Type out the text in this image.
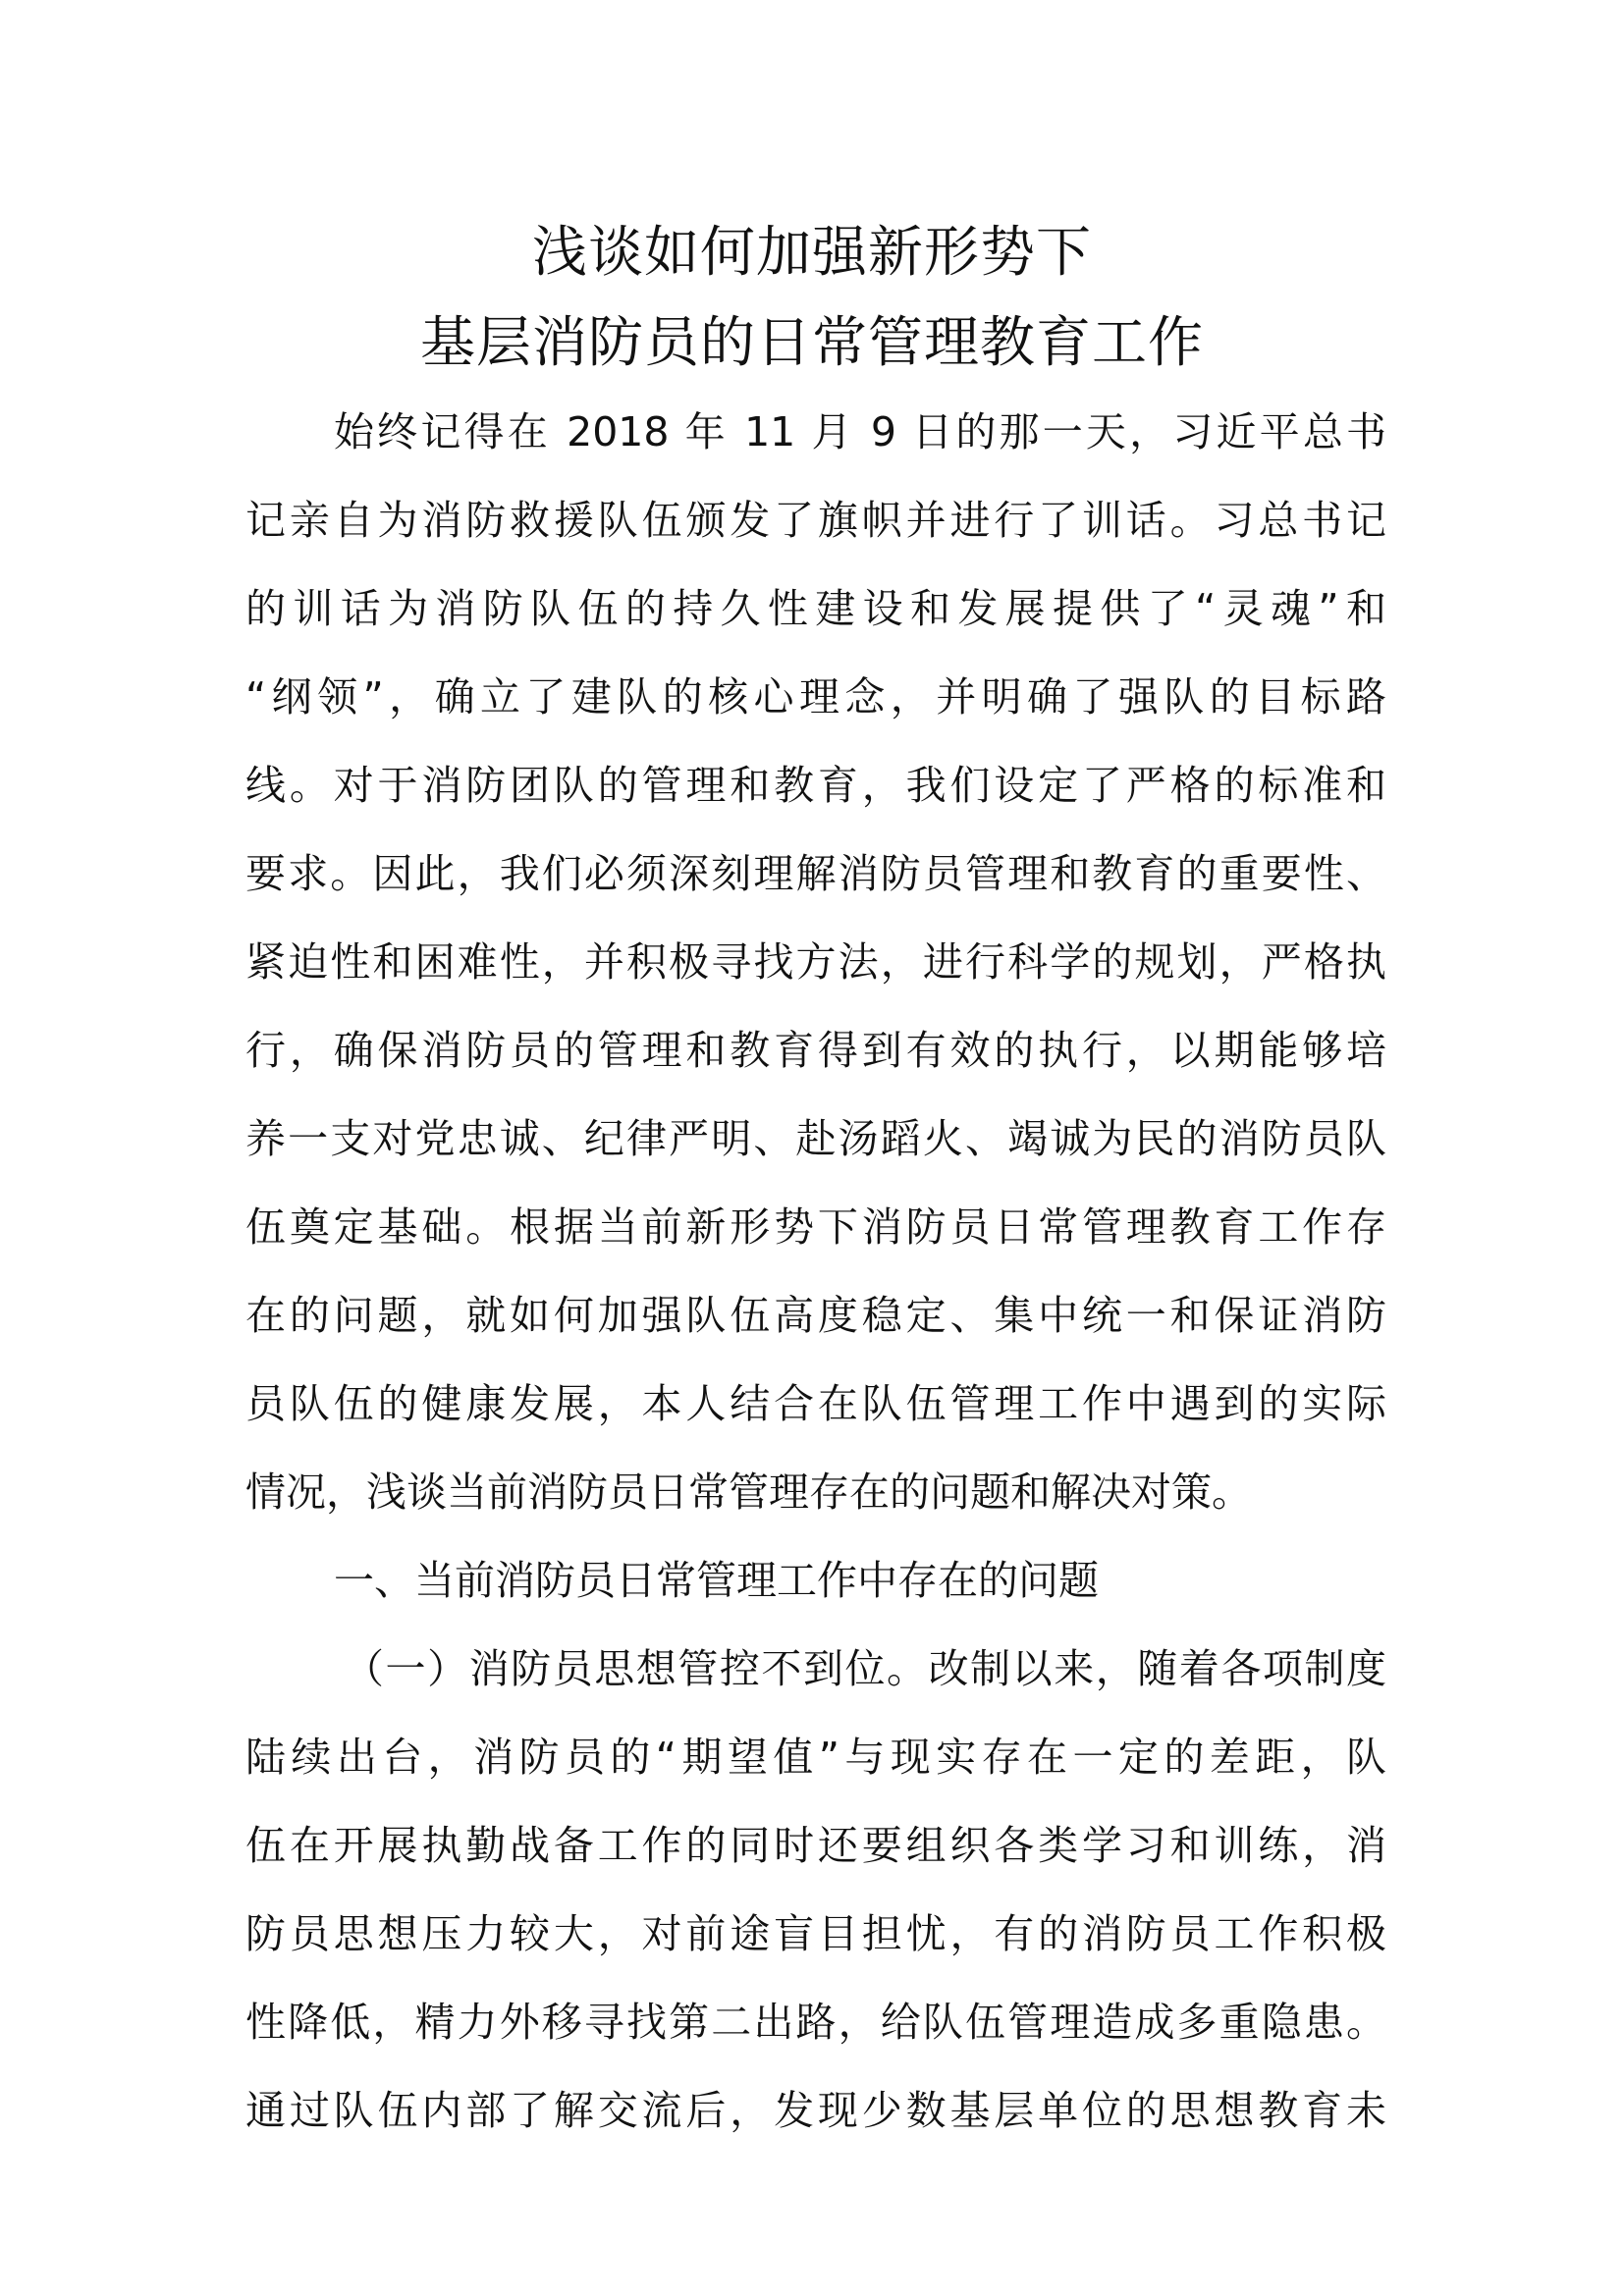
浅谈如何加强新形势下
基层消防员的日常管理教育工作
始终记得在 2018 年 11 月 9 日的那一天，习近平总书
记亲自为消防救援队伍颁发了旗帜并进行了训话。习总书记
的训话为消防队伍的持久性建设和发展提供了“灵魂”和
“纲领”，确立了建队的核心理念，并明确了强队的目标路
线。对于消防团队的管理和教育，我们设定了严格的标准和
要求。因此，我们必须深刻理解消防员管理和教育的重要性、
紧迫性和困难性，并积极寻找方法，进行科学的规划，严格执
行，确保消防员的管理和教育得到有效的执行，以期能够培
养一支对党忠诚、纪律严明、赴汤蹈火、竭诚为民的消防员队
伍奠定基础。根据当前新形势下消防员日常管理教育工作存
在的问题，就如何加强队伍高度稳定、集中统一和保证消防
员队伍的健康发展，本人结合在队伍管理工作中遇到的实际
情况，浅谈当前消防员日常管理存在的问题和解决对策。
一、当前消防员日常管理工作中存在的问题
（一）消防员思想管控不到位。改制以来，随着各项制度
陆续出台，消防员的“期望值”与现实存在一定的差距，队
伍在开展执勤战备工作的同时还要组织各类学习和训练，消
防员思想压力较大，对前途盲目担忧，有的消防员工作积极
性降低，精力外移寻找第二出路，给队伍管理造成多重隐患。
通过队伍内部了解交流后，发现少数基层单位的思想教育未
